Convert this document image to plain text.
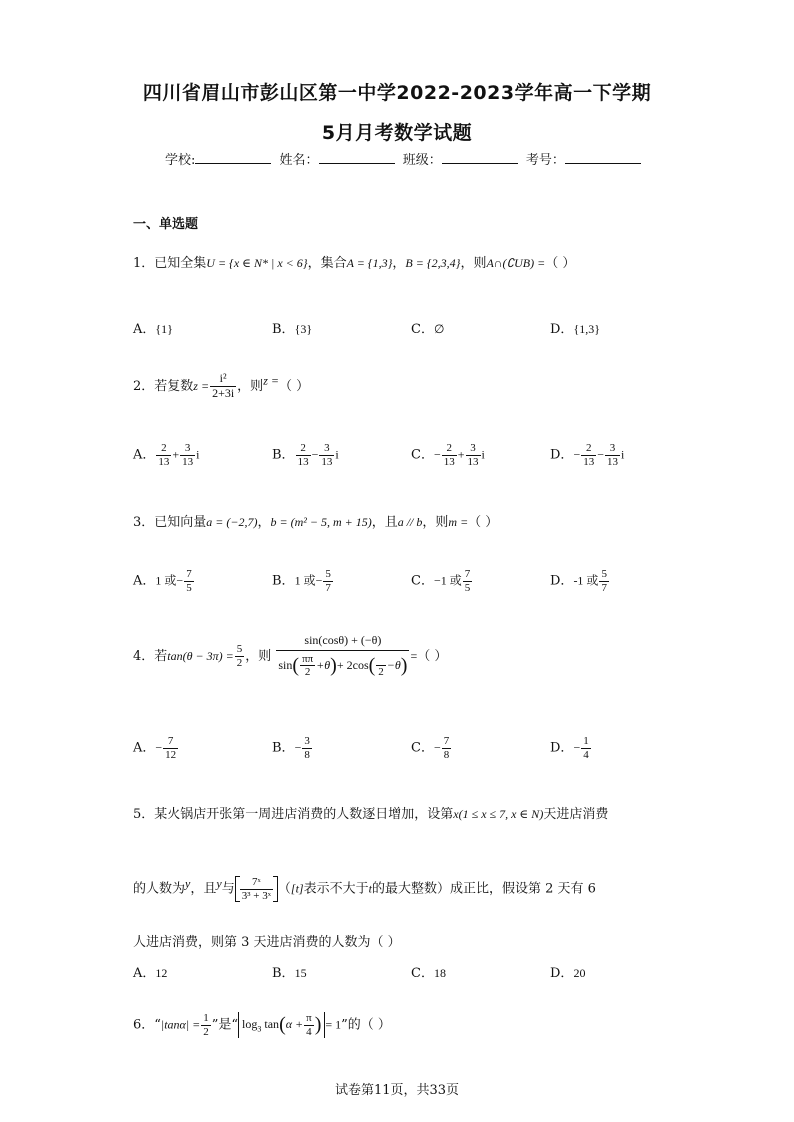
四川省眉山市彭山区第一中学2022-2023学年高一下学期
5月月考数学试题
学校:	姓名：	班级：	考号：
一、单选题
1．已知全集U = {x ∈ N* | x < 6}，集合A = {1,3}，B = {2,3,4}，则A∩(∁UB) =（ ）
A．{1}	B．{3}	C．∅	D．{1,3}
2．若复数$z = \frac{\text{i²}}{2+3i}$ ，则z =（ ）
A． $\frac{2}{13} + \frac{3}{13}$ i	B． $\frac{2}{13} - \frac{3}{13}$ i	C．− $\frac{2}{13} + \frac{3}{13}$ i	D．− $\frac{2}{13} - \frac{3}{13}$ i
3．已知向量a = (−2,7)，b = (m² − 5, m + 15)，且a // b，则m =（ ）
A．1 或− $\frac{7}{5}$	B．1 或− $\frac{5}{7}$	C．−1 或 $\frac{7}{5}$	D．-1 或 $\frac{5}{7}$
4．若$\tan(\theta - 3\pi) = \frac{5}{2}$ ，则 sin(cosθ) + (−θ)
$\sin( \frac{\pi\pi}{2} +\theta)+ 2\cos$(
2
−θ) =（ ）
A．− $\frac{7}{12}$	B．− $\frac{3}{8}$	C．− $\frac{7}{8}$	D．− $\frac{1}{4}$
5．某火锅店开张第一周进店消费的人数逐日增加，设第x(1 ≤ x ≤ 7, x ∈ N)天进店消费
的人数为y，且y与 $\frac{\text{7ˣ}}{\text{3³ + 3ˣ}} ([t]$表示不大于t的最大整数）成正比，假设第 2 天有 6
人进店消费，则第 3 天进店消费的人数为（ ）
A．12	B．15	C．18	D．20
6．“$|\tan\alpha| = \frac{1}{2}$ ”是“ $\log_3 \tan(\alpha + \frac{\pi}{4}$ ) = 1”的（ ）
试卷第11页，共33页
